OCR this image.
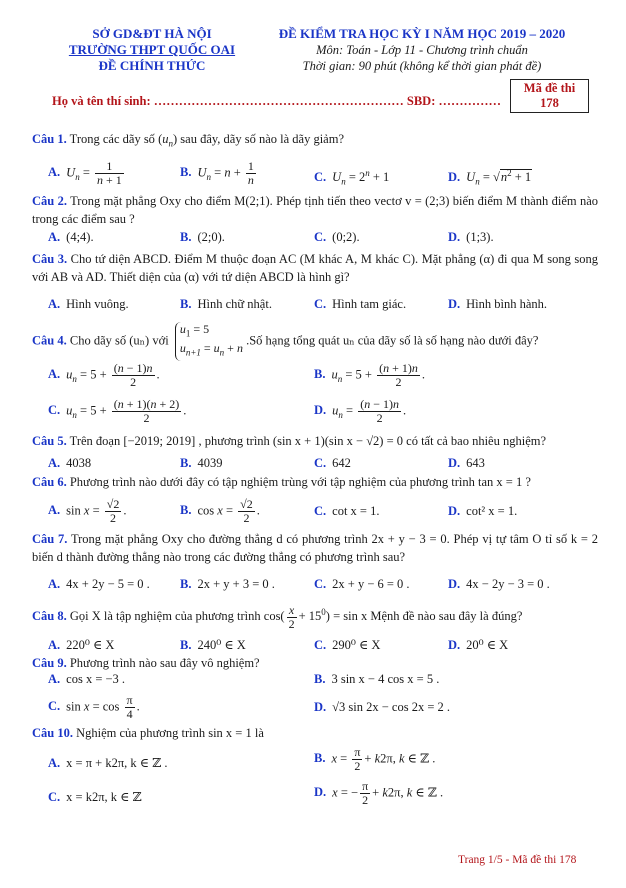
SỞ GD&ĐT HÀ NỘI
TRƯỜNG THPT QUỐC OAI
ĐỀ CHÍNH THỨC
ĐỀ KIỂM TRA HỌC KỲ I NĂM HỌC 2019 – 2020
Môn: Toán - Lớp 11 - Chương trình chuẩn
Thời gian: 90 phút (không kể thời gian phát đề)
Mã đề thi
178
Họ và tên thí sinh: …………………………………………………… SBD: ……………
Câu 1. Trong các dãy số $(u_n)$ sau đây, dãy số nào là dãy giảm?
A. $U_n = \frac{1}{n + 1}$	B. $U_n = n + \frac{1}{n}$	C. $U_n = 2^n + 1$	D. $U_n = √n^2 + 1$
Câu 2. Trong mặt phẳng Oxy cho điểm M(2;1). Phép tịnh tiến theo vectơ v = (2;3) biến điểm M thành điểm nào trong các điểm sau ?
A. (4;4).	B. (2;0).	C. (0;2).	D. (1;3).
Câu 3. Cho tứ diện ABCD. Điểm M thuộc đoạn AC (M khác A, M khác C). Mặt phẳng (α) đi qua M song song với AB và AD. Thiết diện của (α) với tứ diện ABCD là hình gì?
A. Hình vuông.	B. Hình chữ nhật.	C. Hình tam giác.	D. Hình bình hành.
Câu 4. Cho dãy số (uₙ) với $u_1 = 5$
$u_{n+1} = u_n + n$ .Số hạng tổng quát uₙ của dãy số là số hạng nào dưới đây?
A. $u_n = 5 + \frac{(n - 1)n}{2}$ .	B. $u_n = 5 + \frac{(n + 1)n}{2}$ .
C. $u_n = 5 + \frac{(n + 1)(n + 2)}{2}$ .	D. $u_n = \frac{(n - 1)n}{2}$ .
Câu 5. Trên đoạn [−2019; 2019] , phương trình (sin x + 1)(sin x − √2) = 0 có tất cả bao nhiêu nghiệm?
A. 4038	B. 4039	C. 642	D. 643
Câu 6. Phương trình nào dưới đây có tập nghiệm trùng với tập nghiệm của phương trình tan x = 1 ?
A. $\sin x = \frac{√2}{2}$ .	B. $\cos x = \frac{√2}{2}$ .	C. cot x = 1.	D. cot² x = 1.
Câu 7. Trong mặt phẳng Oxy cho đường thẳng d có phương trình 2x + y − 3 = 0. Phép vị tự tâm O tỉ số k = 2 biến d thành đường thẳng nào trong các đường thẳng có phương trình sau?
A. 4x + 2y − 5 = 0 . B. 2x + y + 3 = 0 .	C. 2x + y − 6 = 0 .	D. 4x − 2y − 3 = 0 .
Câu 8. Gọi X là tập nghiệm của phương trình $\cos( \frac{x}{2} + 15^0) = \sin x$ Mệnh đề nào sau đây là đúng?
A. 220⁰ ∈ X	B. 240⁰ ∈ X	C. 290⁰ ∈ X	D. 20⁰ ∈ X
Câu 9. Phương trình nào sau đây vô nghiệm?
A. cos x = −3 .	B. 3 sin x − 4 cos x = 5 .
C. $\sin x = \cos \frac{\pi}{4}$ .	D. √3 sin 2x − cos 2x = 2 .
Câu 10. Nghiệm của phương trình sin x = 1 là
A. x = π + k2π, k ∈ ℤ .	B. $x = \frac{\pi}{2} + k2\pi$, k ∈ ℤ .
C. x = k2π, k ∈ ℤ	D. x = − $\frac{\pi}{2} + k2\pi$, k ∈ ℤ .
Trang 1/5 - Mã đề thi 178
